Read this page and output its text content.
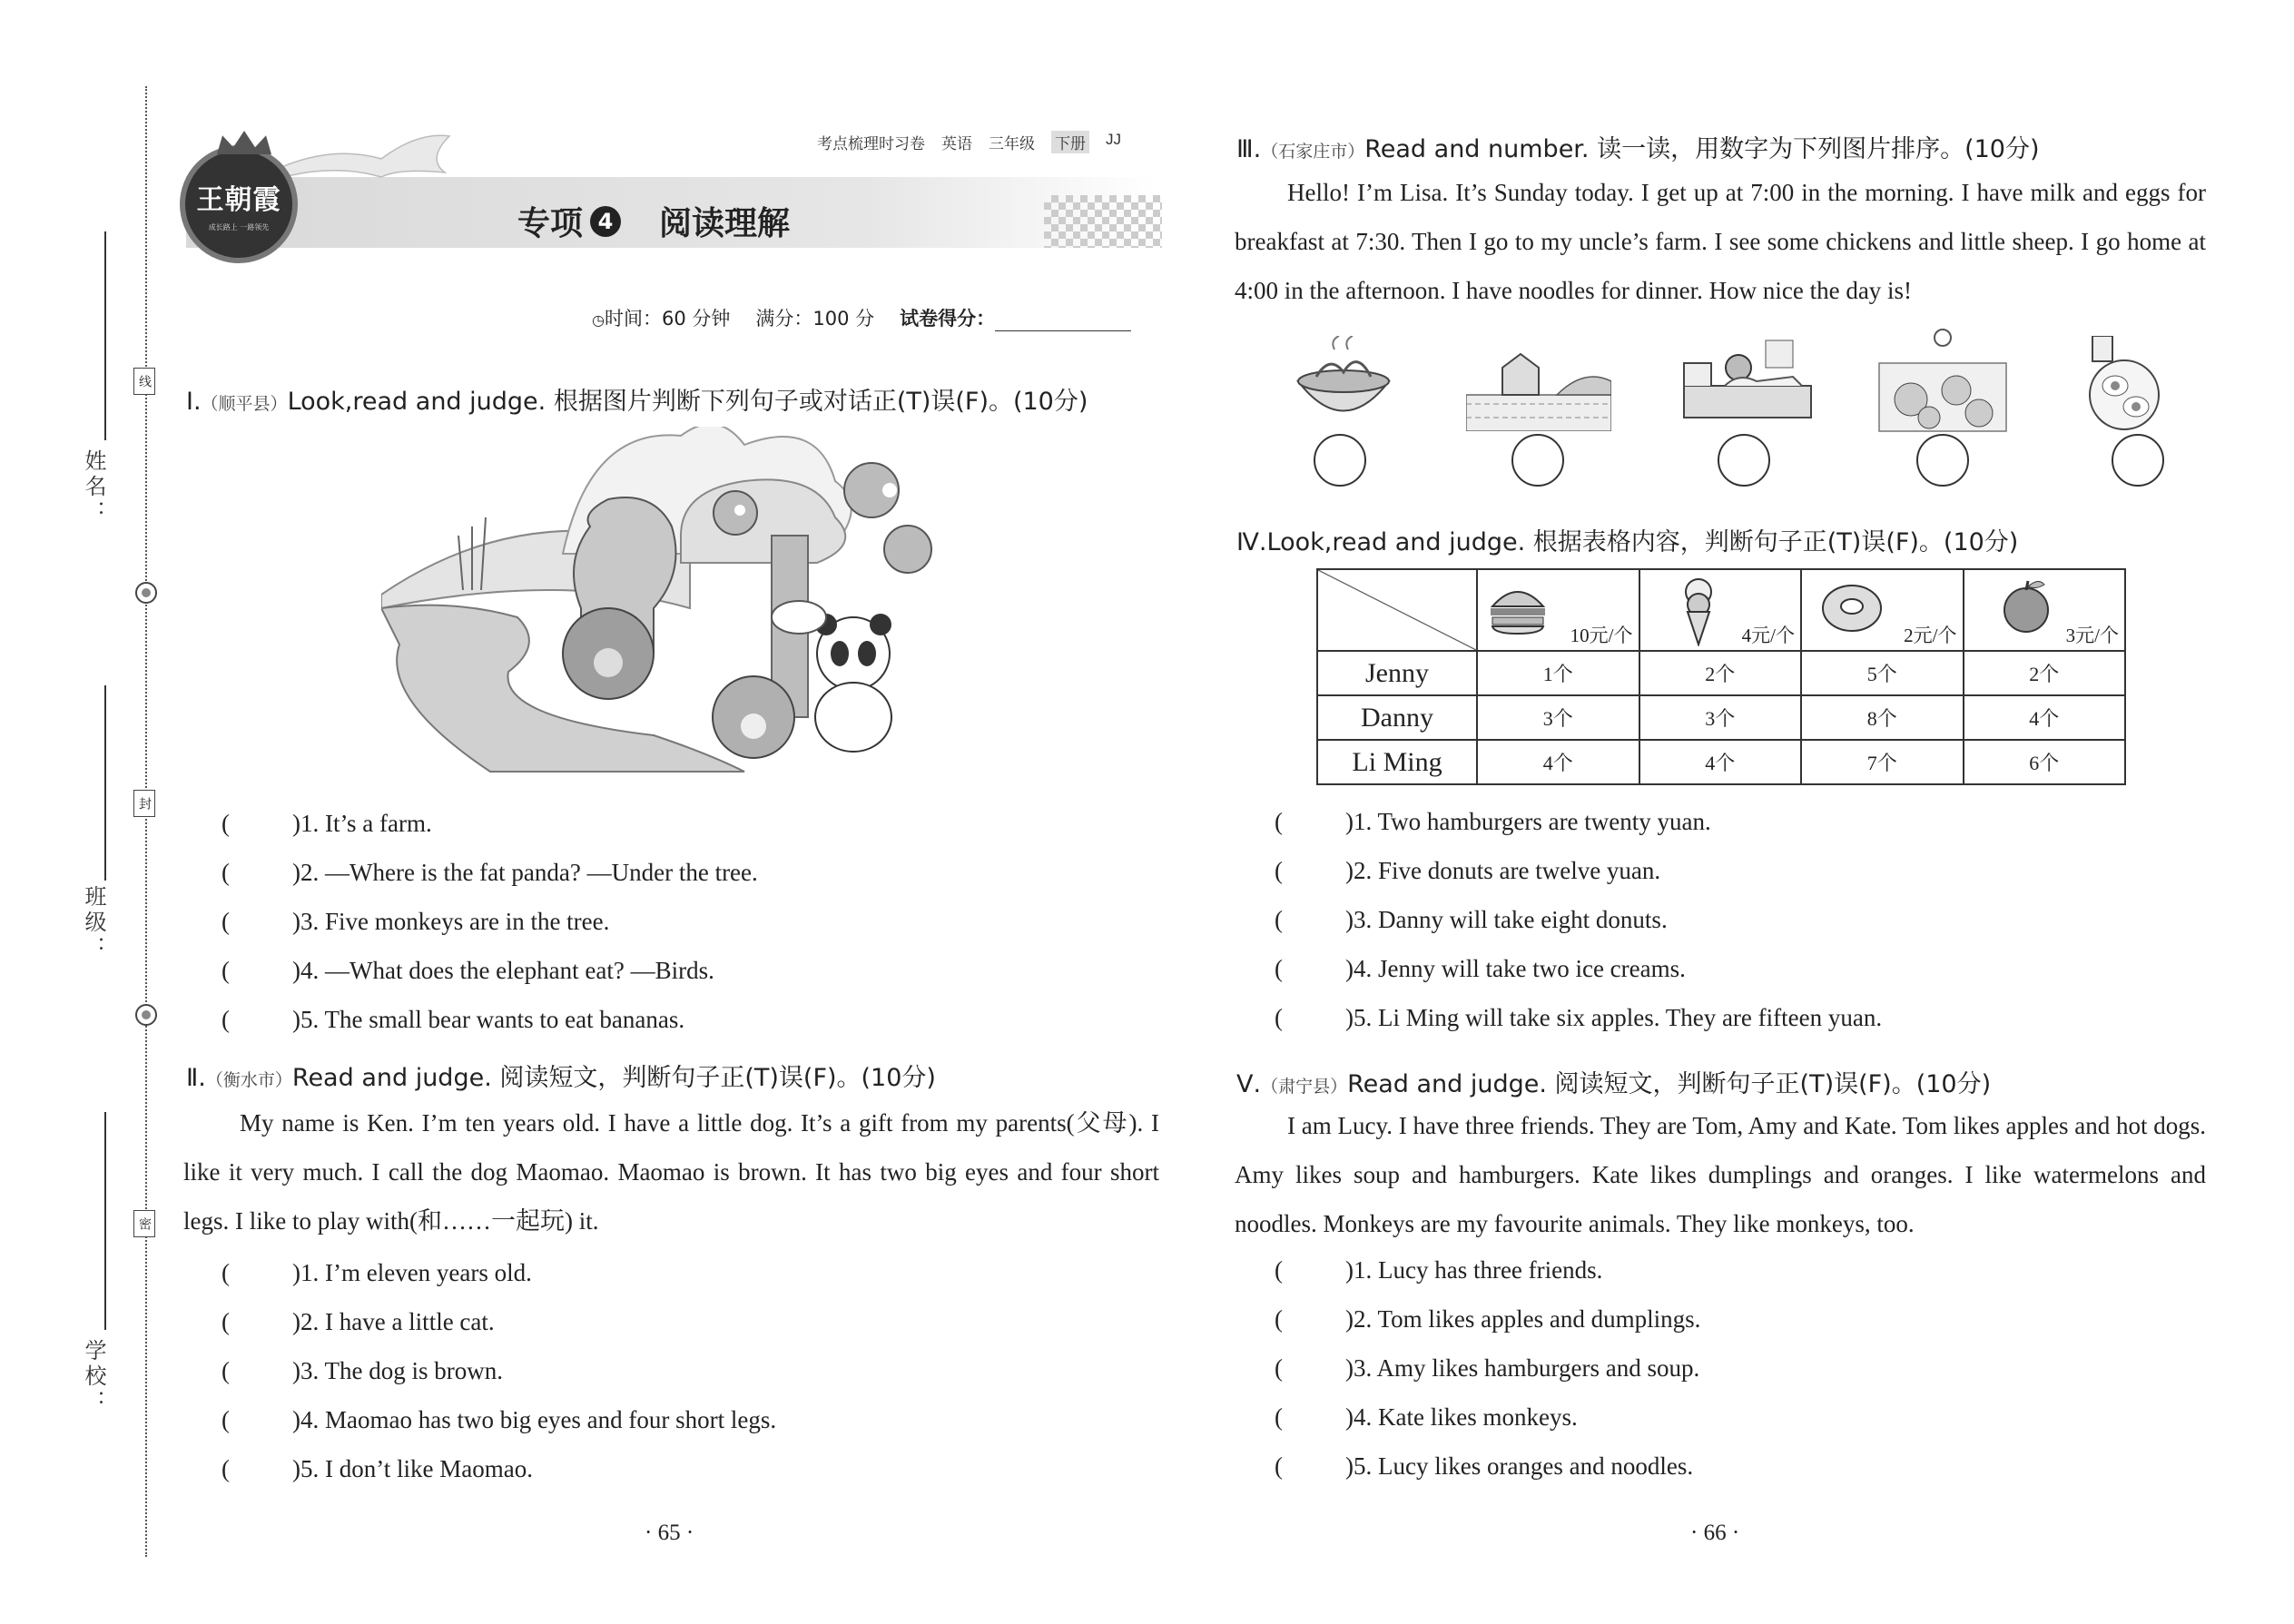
姓名：
班级：
学校：
线
封
密
王朝霞
成长路上 一路领先
考点梳理时习卷 英语 三年级 下册 JJ
专项 4 阅读理解
◷时间：60 分钟 满分：100 分 试卷得分：
Ⅰ.（顺平县）Look,read and judge. 根据图片判断下列句子或对话正(T)误(F)。(10分)
(	)1. It’s a farm.
(	)2. —Where is the fat panda? —Under the tree.
(	)3. Five monkeys are in the tree.
(	)4. —What does the elephant eat? —Birds.
(	)5. The small bear wants to eat bananas.
Ⅱ.（衡水市）Read and judge. 阅读短文，判断句子正(T)误(F)。(10分)
My name is Ken. I’m ten years old. I have a little dog. It’s a gift from my parents(父母). I like it very much. I call the dog Maomao. Maomao is brown. It has two big eyes and four short legs. I like to play with(和……一起玩) it.
(	)1. I’m eleven years old.
(	)2. I have a little cat.
(	)3. The dog is brown.
(	)4. Maomao has two big eyes and four short legs.
(	)5. I don’t like Maomao.
· 65 ·
Ⅲ.（石家庄市）Read and number. 读一读，用数字为下列图片排序。(10分)
Hello! I’m Lisa. It’s Sunday today. I get up at 7:00 in the morning. I have milk and eggs for breakfast at 7:30. Then I go to my uncle’s farm. I see some chickens and little sheep. I go home at 4:00 in the afternoon. I have noodles for dinner. How nice the day is!
Ⅳ.Look,read and judge. 根据表格内容，判断句子正(T)误(F)。(10分)

	10元/个	4元/个	2元/个	3元/个

Jenny	1个	2个	5个	2个
Danny	3个	3个	8个	4个
Li Ming	4个	4个	7个	6个
(	)1. Two hamburgers are twenty yuan.
(	)2. Five donuts are twelve yuan.
(	)3. Danny will take eight donuts.
(	)4. Jenny will take two ice creams.
(	)5. Li Ming will take six apples. They are fifteen yuan.
Ⅴ.（肃宁县）Read and judge. 阅读短文，判断句子正(T)误(F)。(10分)
I am Lucy. I have three friends. They are Tom, Amy and Kate. Tom likes apples and hot dogs. Amy likes soup and hamburgers. Kate likes dumplings and oranges. I like watermelons and noodles. Monkeys are my favourite animals. They like monkeys, too.
(	)1. Lucy has three friends.
(	)2. Tom likes apples and dumplings.
(	)3. Amy likes hamburgers and soup.
(	)4. Kate likes monkeys.
(	)5. Lucy likes oranges and noodles.
· 66 ·
